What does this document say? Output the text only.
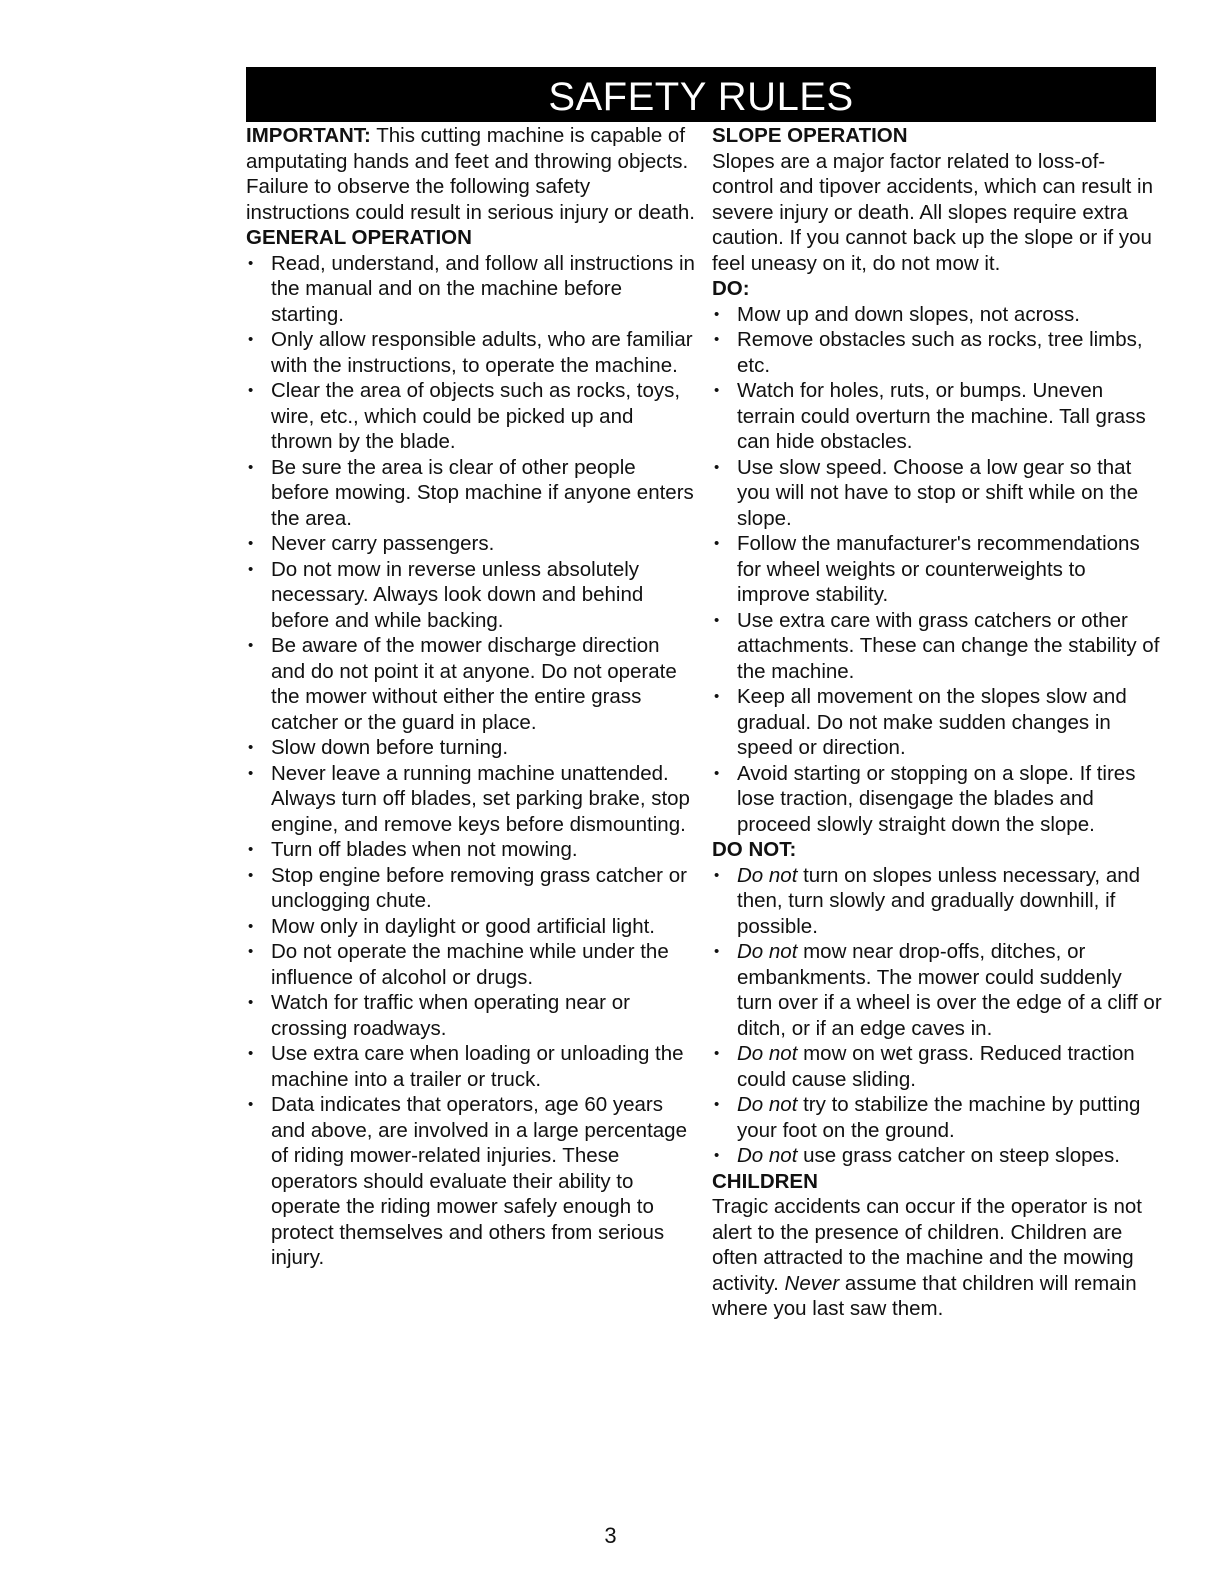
SAFETY RULES

IMPORTANT: This cutting machine is capable of amputating hands and feet and throwing objects. Failure to observe the following safety instructions could result in serious injury or death.

GENERAL OPERATION

• Read, understand, and follow all instructions in the manual and on the machine before starting.
• Only allow responsible adults, who are familiar with the instructions, to operate the machine.
• Clear the area of objects such as rocks, toys, wire, etc., which could be picked up and thrown by the blade.
• Be sure the area is clear of other people before mowing. Stop machine if anyone enters the area.
• Never carry passengers.
• Do not mow in reverse unless absolutely necessary. Always look down and behind before and while backing.
• Be aware of the mower discharge direction and do not point it at anyone. Do not operate the mower without either the entire grass catcher or the guard in place.
• Slow down before turning.
• Never leave a running machine unattended. Always turn off blades, set parking brake, stop engine, and remove keys before dismounting.
• Turn off blades when not mowing.
• Stop engine before removing grass catcher or unclogging chute.
• Mow only in daylight or good artificial light.
• Do not operate the machine while under the influence of alcohol or drugs.
• Watch for traffic when operating near or crossing roadways.
• Use extra care when loading or unloading the machine into a trailer or truck.
• Data indicates that operators, age 60 years and above, are involved in a large percentage of riding mower-related injuries. These operators should evaluate their ability to operate the riding mower safely enough to protect themselves and others from serious injury.

SLOPE OPERATION

Slopes are a major factor related to loss-of-control and tipover accidents, which can result in severe injury or death. All slopes require extra caution. If you cannot back up the slope or if you feel uneasy on it, do not mow it.

DO:

• Mow up and down slopes, not across.
• Remove obstacles such as rocks, tree limbs, etc.
• Watch for holes, ruts, or bumps. Uneven terrain could overturn the machine. Tall grass can hide obstacles.
• Use slow speed. Choose a low gear so that you will not have to stop or shift while on the slope.
• Follow the manufacturer's recommendations for wheel weights or counterweights to improve stability.
• Use extra care with grass catchers or other attachments. These can change the stability of the machine.
• Keep all movement on the slopes slow and gradual. Do not make sudden changes in speed or direction.
• Avoid starting or stopping on a slope. If tires lose traction, disengage the blades and proceed slowly straight down the slope.

DO NOT:

• Do not turn on slopes unless necessary, and then, turn slowly and gradually downhill, if possible.
• Do not mow near drop-offs, ditches, or embankments. The mower could suddenly turn over if a wheel is over the edge of a cliff or ditch, or if an edge caves in.
• Do not mow on wet grass. Reduced traction could cause sliding.
• Do not try to stabilize the machine by putting your foot on the ground.
• Do not use grass catcher on steep slopes.

CHILDREN

Tragic accidents can occur if the operator is not alert to the presence of children. Children are often attracted to the machine and the mowing activity. Never assume that children will remain where you last saw them.

3
